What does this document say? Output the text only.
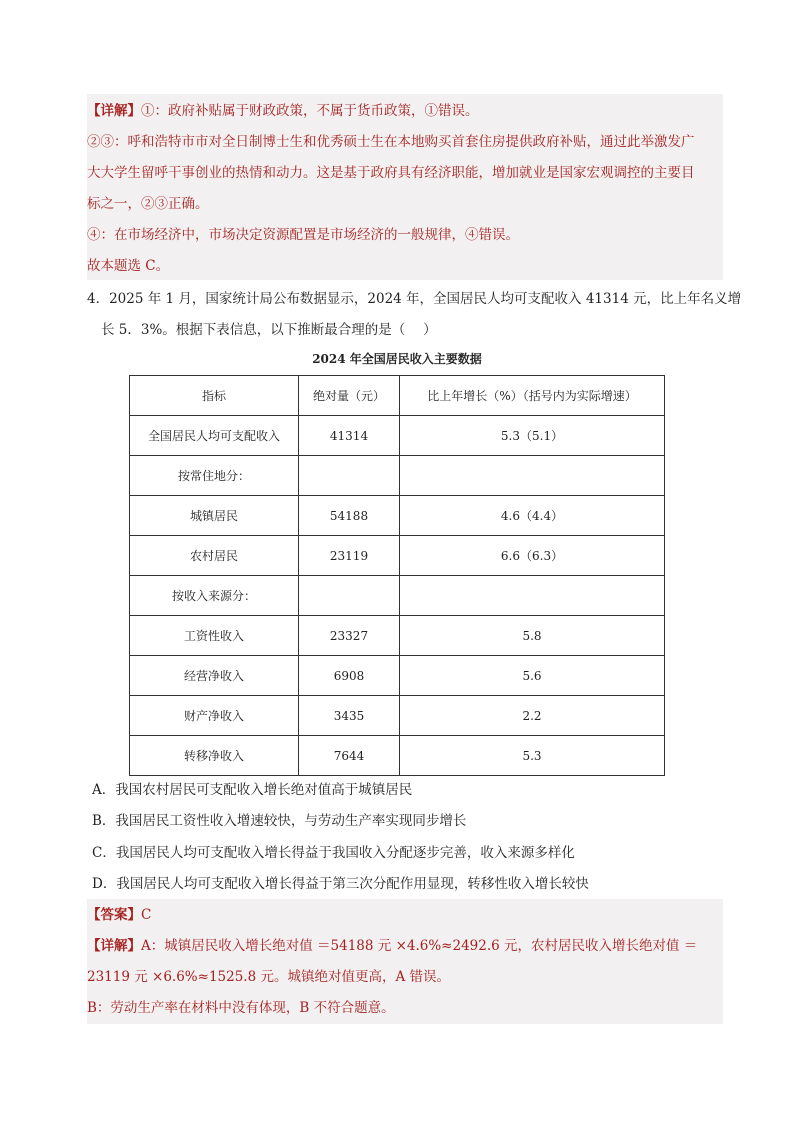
【详解】①：政府补贴属于财政政策，不属于货币政策，①错误。
②③：呼和浩特市市对全日制博士生和优秀硕士生在本地购买首套住房提供政府补贴，通过此举激发广
大大学生留呼干事创业的热情和动力。这是基于政府具有经济职能，增加就业是国家宏观调控的主要目
标之一，②③正确。
④：在市场经济中，市场决定资源配置是市场经济的一般规律，④错误。
故本题选 C。
4．2025 年 1 月，国家统计局公布数据显示，2024 年，全国居民人均可支配收入 41314 元，比上年名义增
长 5．3%。根据下表信息，以下推断最合理的是（　 ）
2024 年全国居民收入主要数据
指标	绝对量（元）	比上年增长（%）（括号内为实际增速）
全国居民人均可支配收入	41314	5.3（5.1）
按常住地分：		
城镇居民	54188	4.6（4.4）
农村居民	23119	6.6（6.3）
按收入来源分：		
工资性收入	23327	5.8
经营净收入	6908	5.6
财产净收入	3435	2.2
转移净收入	7644	5.3
A．我国农村居民可支配收入增长绝对值高于城镇居民
B．我国居民工资性收入增速较快，与劳动生产率实现同步增长
C．我国居民人均可支配收入增长得益于我国收入分配逐步完善，收入来源多样化
D．我国居民人均可支配收入增长得益于第三次分配作用显现，转移性收入增长较快
【答案】C
【详解】A：城镇居民收入增长绝对值 ＝54188 元 ×4.6%≈2492.6 元，农村居民收入增长绝对值 ＝
23119 元 ×6.6%≈1525.8 元。城镇绝对值更高，A 错误。
B：劳动生产率在材料中没有体现，B 不符合题意。
